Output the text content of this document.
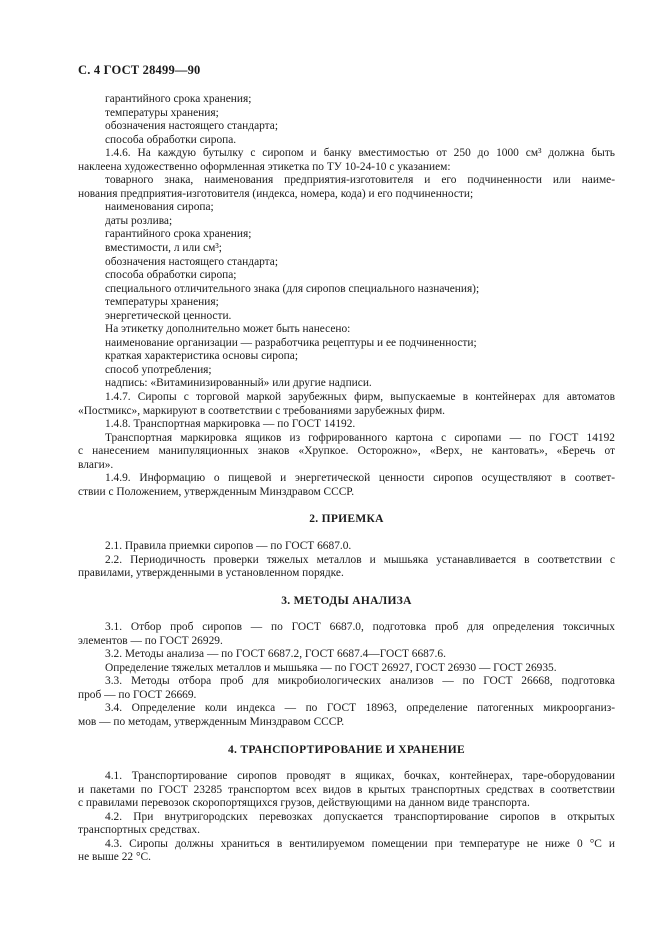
С. 4 ГОСТ 28499—90
гарантийного срока хранения;
температуры хранения;
обозначения настоящего стандарта;
способа обработки сиропа.
1.4.6. На каждую бутылку с сиропом и банку вместимостью от 250 до 1000 см³ должна быть
наклеена художественно оформленная этикетка по ТУ 10-24-10 с указанием:
товарного знака, наименования предприятия-изготовителя и его подчиненности или наиме-
нования предприятия-изготовителя (индекса, номера, кода) и его подчиненности;
наименования сиропа;
даты розлива;
гарантийного срока хранения;
вместимости, л или см³;
обозначения настоящего стандарта;
способа обработки сиропа;
специального отличительного знака (для сиропов специального назначения);
температуры хранения;
энергетической ценности.
На этикетку дополнительно может быть нанесено:
наименование организации — разработчика рецептуры и ее подчиненности;
краткая характеристика основы сиропа;
способ употребления;
надпись: «Витаминизированный» или другие надписи.
1.4.7. Сиропы с торговой маркой зарубежных фирм, выпускаемые в контейнерах для автоматов
«Постмикс», маркируют в соответствии с требованиями зарубежных фирм.
1.4.8. Транспортная маркировка — по ГОСТ 14192.
Транспортная маркировка ящиков из гофрированного картона с сиропами — по ГОСТ 14192
с нанесением манипуляционных знаков «Хрупкое. Осторожно», «Верх, не кантовать», «Беречь от
влаги».
1.4.9. Информацию о пищевой и энергетической ценности сиропов осуществляют в соответ-
ствии с Положением, утвержденным Минздравом СССР.
2. ПРИЕМКА
2.1. Правила приемки сиропов — по ГОСТ 6687.0.
2.2. Периодичность проверки тяжелых металлов и мышьяка устанавливается в соответствии с
правилами, утвержденными в установленном порядке.
3. МЕТОДЫ АНАЛИЗА
3.1. Отбор проб сиропов — по ГОСТ 6687.0, подготовка проб для определения токсичных
элементов — по ГОСТ 26929.
3.2. Методы анализа — по ГОСТ 6687.2, ГОСТ 6687.4—ГОСТ 6687.6.
Определение тяжелых металлов и мышьяка — по ГОСТ 26927, ГОСТ 26930 — ГОСТ 26935.
3.3. Методы отбора проб для микробиологических анализов — по ГОСТ 26668, подготовка
проб — по ГОСТ 26669.
3.4. Определение коли индекса — по ГОСТ 18963, определение патогенных микроорганиз-
мов — по методам, утвержденным Минздравом СССР.
4. ТРАНСПОРТИРОВАНИЕ И ХРАНЕНИЕ
4.1. Транспортирование сиропов проводят в ящиках, бочках, контейнерах, таре-оборудовании
и пакетами по ГОСТ 23285 транспортом всех видов в крытых транспортных средствах в соответствии
с правилами перевозок скоропортящихся грузов, действующими на данном виде транспорта.
4.2. При внутригородских перевозках допускается транспортирование сиропов в открытых
транспортных средствах.
4.3. Сиропы должны храниться в вентилируемом помещении при температуре не ниже 0 °С и
не выше 22 °С.
